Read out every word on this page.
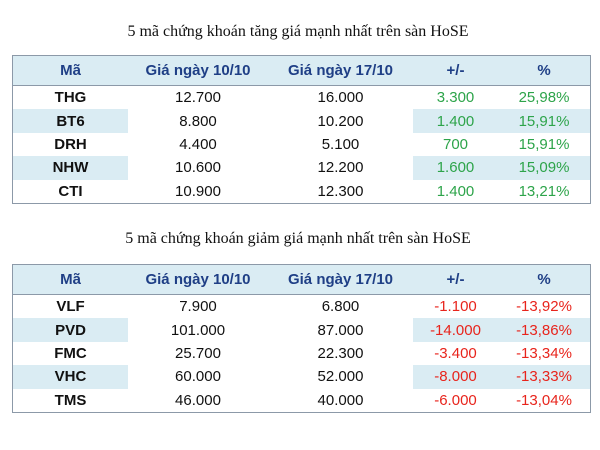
5 mã chứng khoán tăng giá mạnh nhất trên sàn HoSE
Mã	Giá ngày 10/10	Giá ngày 17/10	+/-	%
THG	12.700	16.000	3.300	25,98%
BT6	8.800	10.200	1.400	15,91%
DRH	4.400	5.100	700	15,91%
NHW	10.600	12.200	1.600	15,09%
CTI	10.900	12.300	1.400	13,21%
5 mã chứng khoán giảm giá mạnh nhất trên sàn HoSE
Mã	Giá ngày 10/10	Giá ngày 17/10	+/-	%
VLF	7.900	6.800	-1.100	-13,92%
PVD	101.000	87.000	-14.000	-13,86%
FMC	25.700	22.300	-3.400	-13,34%
VHC	60.000	52.000	-8.000	-13,33%
TMS	46.000	40.000	-6.000	-13,04%
